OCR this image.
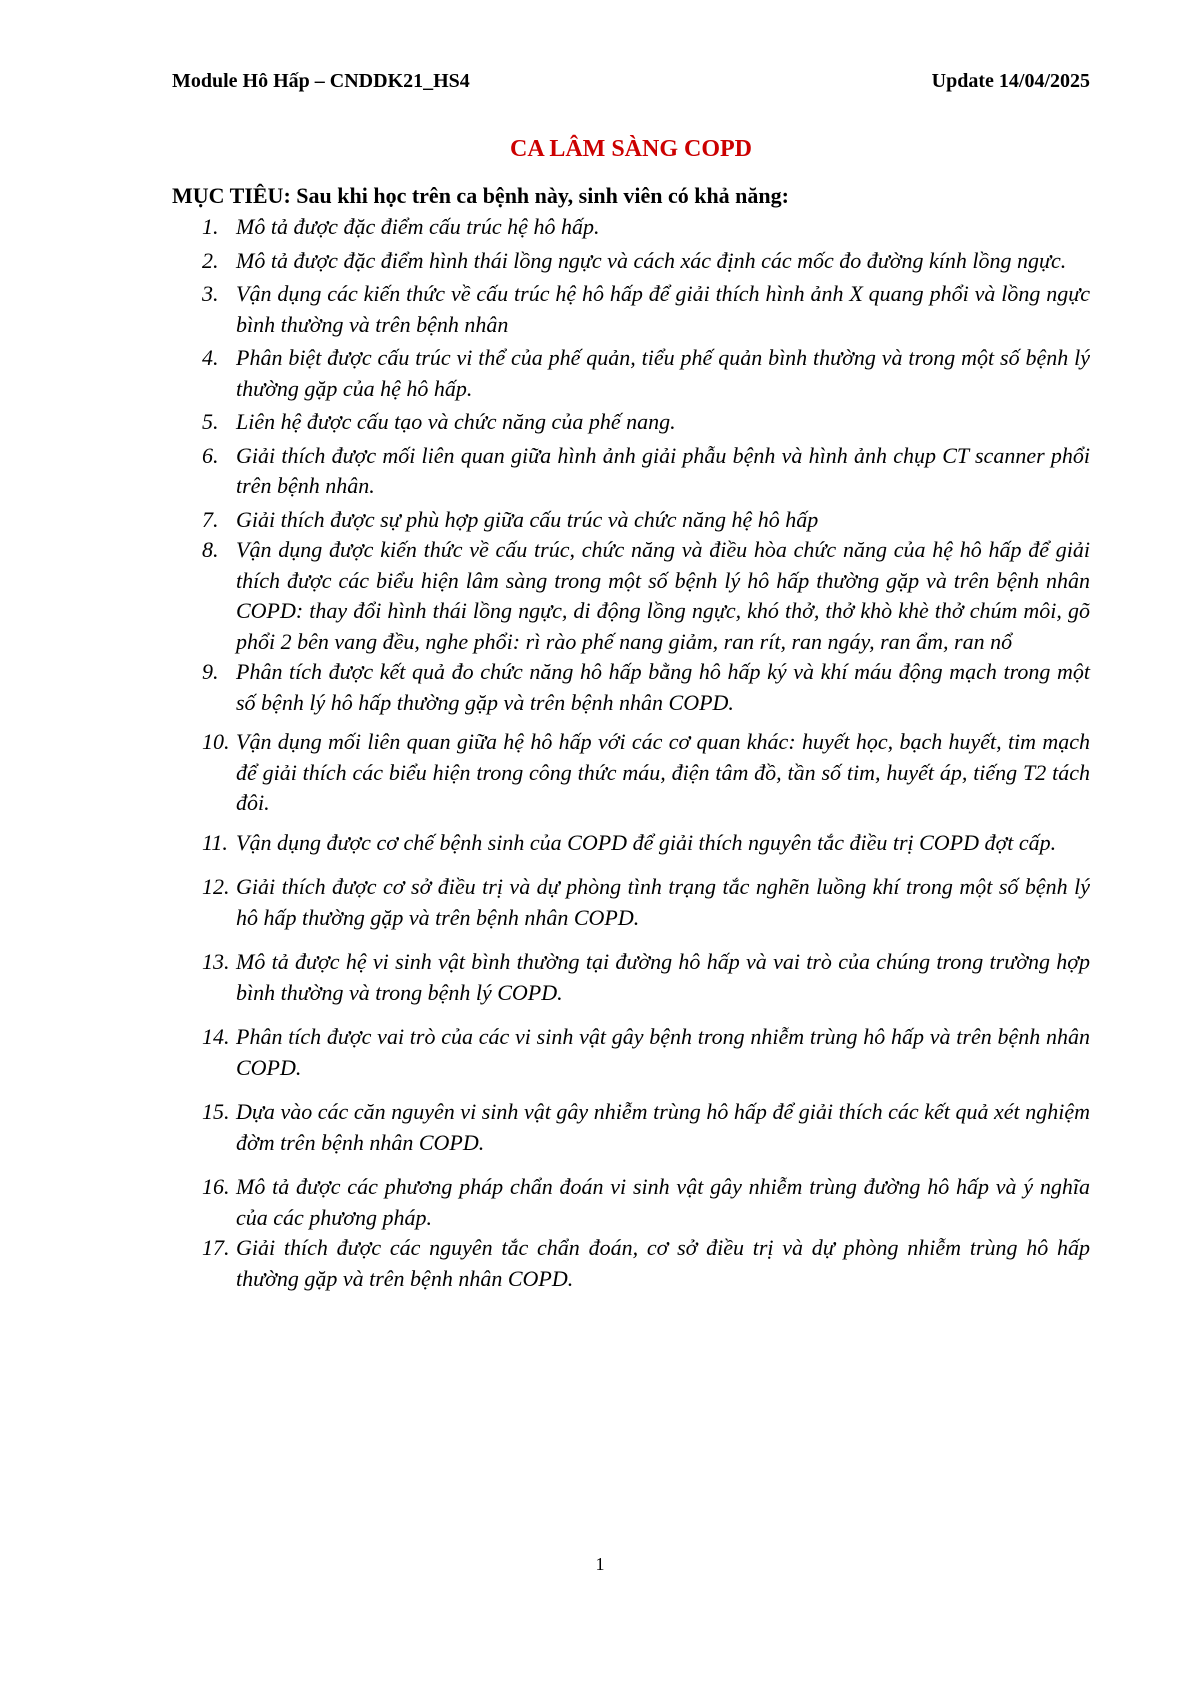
Module Hô Hấp – CNDDK21_HS4	Update 14/04/2025
CA LÂM SÀNG COPD
MỤC TIÊU: Sau khi học trên ca bệnh này, sinh viên có khả năng:
1. Mô tả được đặc điểm cấu trúc hệ hô hấp.
2. Mô tả được đặc điểm hình thái lồng ngực và cách xác định các mốc đo đường kính lồng ngực.
3. Vận dụng các kiến thức về cấu trúc hệ hô hấp để giải thích hình ảnh X quang phổi và lồng ngực bình thường và trên bệnh nhân
4. Phân biệt được cấu trúc vi thể của phế quản, tiểu phế quản bình thường và trong một số bệnh lý thường gặp của hệ hô hấp.
5. Liên hệ được cấu tạo và chức năng của phế nang.
6. Giải thích được mối liên quan giữa hình ảnh giải phẫu bệnh và hình ảnh chụp CT scanner phổi trên bệnh nhân.
7. Giải thích được sự phù hợp giữa cấu trúc và chức năng hệ hô hấp
8. Vận dụng được kiến thức về cấu trúc, chức năng và điều hòa chức năng của hệ hô hấp để giải thích được các biểu hiện lâm sàng trong một số bệnh lý hô hấp thường gặp và trên bệnh nhân COPD: thay đổi hình thái lồng ngực, di động lồng ngực, khó thở, thở khò khè thở chúm môi, gõ phổi 2 bên vang đều, nghe phổi: rì rào phế nang giảm, ran rít, ran ngáy, ran ẩm, ran nổ
9. Phân tích được kết quả đo chức năng hô hấp bằng hô hấp ký và khí máu động mạch trong một số bệnh lý hô hấp thường gặp và trên bệnh nhân COPD.
10. Vận dụng mối liên quan giữa hệ hô hấp với các cơ quan khác: huyết học, bạch huyết, tim mạch để giải thích các biểu hiện trong công thức máu, điện tâm đồ, tần số tim, huyết áp, tiếng T2 tách đôi.
11. Vận dụng được cơ chế bệnh sinh của COPD để giải thích nguyên tắc điều trị COPD đợt cấp.
12. Giải thích được cơ sở điều trị và dự phòng tình trạng tắc nghẽn luồng khí trong một số bệnh lý hô hấp thường gặp và trên bệnh nhân COPD.
13. Mô tả được hệ vi sinh vật bình thường tại đường hô hấp và vai trò của chúng trong trường hợp bình thường và trong bệnh lý COPD.
14. Phân tích được vai trò của các vi sinh vật gây bệnh trong nhiễm trùng hô hấp và trên bệnh nhân COPD.
15. Dựa vào các căn nguyên vi sinh vật gây nhiễm trùng hô hấp để giải thích các kết quả xét nghiệm đờm trên bệnh nhân COPD.
16. Mô tả được các phương pháp chẩn đoán vi sinh vật gây nhiễm trùng đường hô hấp và ý nghĩa của các phương pháp.
17. Giải thích được các nguyên tắc chẩn đoán, cơ sở điều trị và dự phòng nhiễm trùng hô hấp thường gặp và trên bệnh nhân COPD.
1
